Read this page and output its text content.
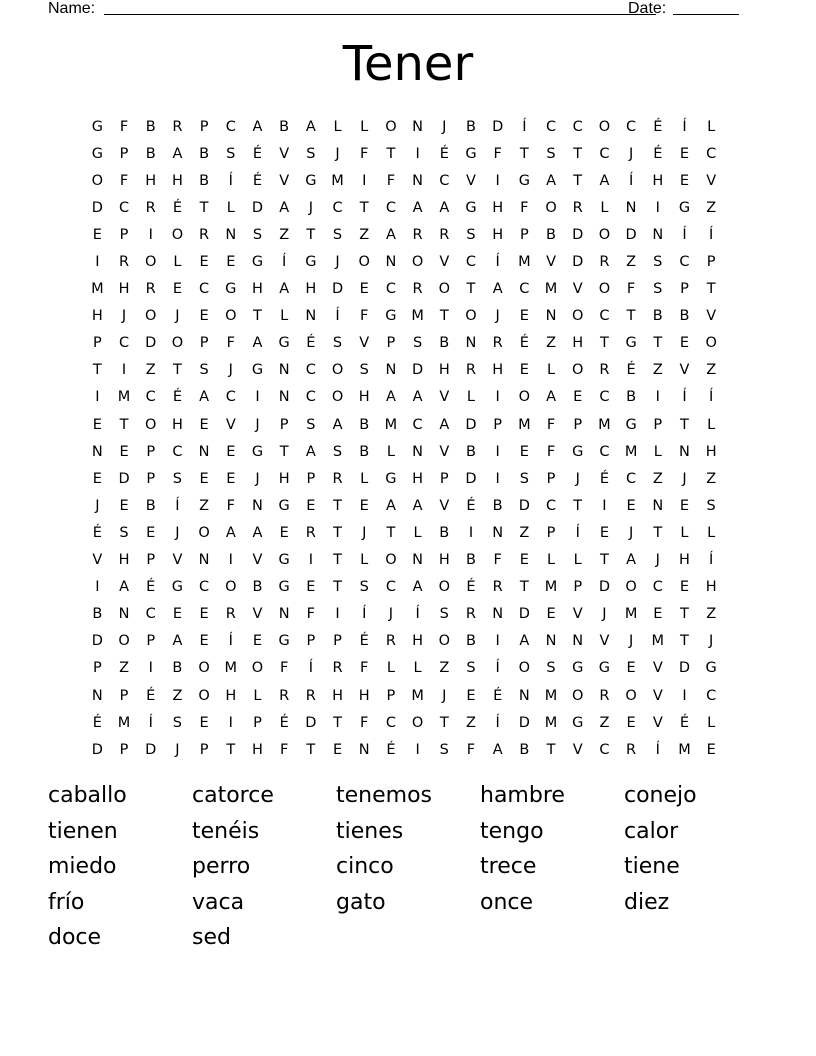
Name:	Date:
Tener
G	F	B	R	P	C	A	B	A	L	L	O	N	J	B	D	Í	C	C	O	C	É	Í	L
G	P	B	A	B	S	É	V	S	J	F	T	I	É	G	F	T	S	T	C	J	É	E	C
O	F	H	H	B	Í	É	V	G	M	I	F	N	C	V	I	G	A	T	A	Í	H	E	V
D	C	R	É	T	L	D	A	J	C	T	C	A	A	G	H	F	O	R	L	N	I	G	Z
E	P	I	O	R	N	S	Z	T	S	Z	A	R	R	S	H	P	B	D	O	D	N	Í	Í
I	R	O	L	E	E	G	Í	G	J	O	N	O	V	C	Í	M	V	D	R	Z	S	C	P
M	H	R	E	C	G	H	A	H	D	E	C	R	O	T	A	C	M	V	O	F	S	P	T
H	J	O	J	E	O	T	L	N	Í	F	G	M	T	O	J	E	N	O	C	T	B	B	V
P	C	D	O	P	F	A	G	É	S	V	P	S	B	N	R	É	Z	H	T	G	T	E	O
T	I	Z	T	S	J	G	N	C	O	S	N	D	H	R	H	E	L	O	R	É	Z	V	Z
I	M	C	É	A	C	I	N	C	O	H	A	A	V	L	I	O	A	E	C	B	I	Í	Í
E	T	O	H	E	V	J	P	S	A	B	M	C	A	D	P	M	F	P	M	G	P	T	L
N	E	P	C	N	E	G	T	A	S	B	L	N	V	B	I	E	F	G	C	M	L	N	H
E	D	P	S	E	E	J	H	P	R	L	G	H	P	D	I	S	P	J	É	C	Z	J	Z
J	E	B	Í	Z	F	N	G	E	T	E	A	A	V	É	B	D	C	T	I	E	N	E	S
É	S	E	J	O	A	A	E	R	T	J	T	L	B	I	N	Z	P	Í	E	J	T	L	L
V	H	P	V	N	I	V	G	I	T	L	O	N	H	B	F	E	L	L	T	A	J	H	Í
I	A	É	G	C	O	B	G	E	T	S	C	A	O	É	R	T	M	P	D	O	C	E	H
B	N	C	E	E	R	V	N	F	I	Í	J	Í	S	R	N	D	E	V	J	M	E	T	Z
D	O	P	A	E	Í	E	G	P	P	É	R	H	O	B	I	A	N	N	V	J	M	T	J
P	Z	I	B	O	M	O	F	Í	R	F	L	L	Z	S	Í	O	S	G	G	E	V	D	G
N	P	É	Z	O	H	L	R	R	H	H	P	M	J	E	É	N	M	O	R	O	V	I	C
É	M	Í	S	E	I	P	É	D	T	F	C	O	T	Z	Í	D	M	G	Z	E	V	É	L
D	P	D	J	P	T	H	F	T	E	N	É	I	S	F	A	B	T	V	C	R	Í	M	E
caballo	catorce	tenemos	hambre	conejo
tienen	tenéis	tienes	tengo	calor
miedo	perro	cinco	trece	tiene
frío	vaca	gato	once	diez
doce	sed
